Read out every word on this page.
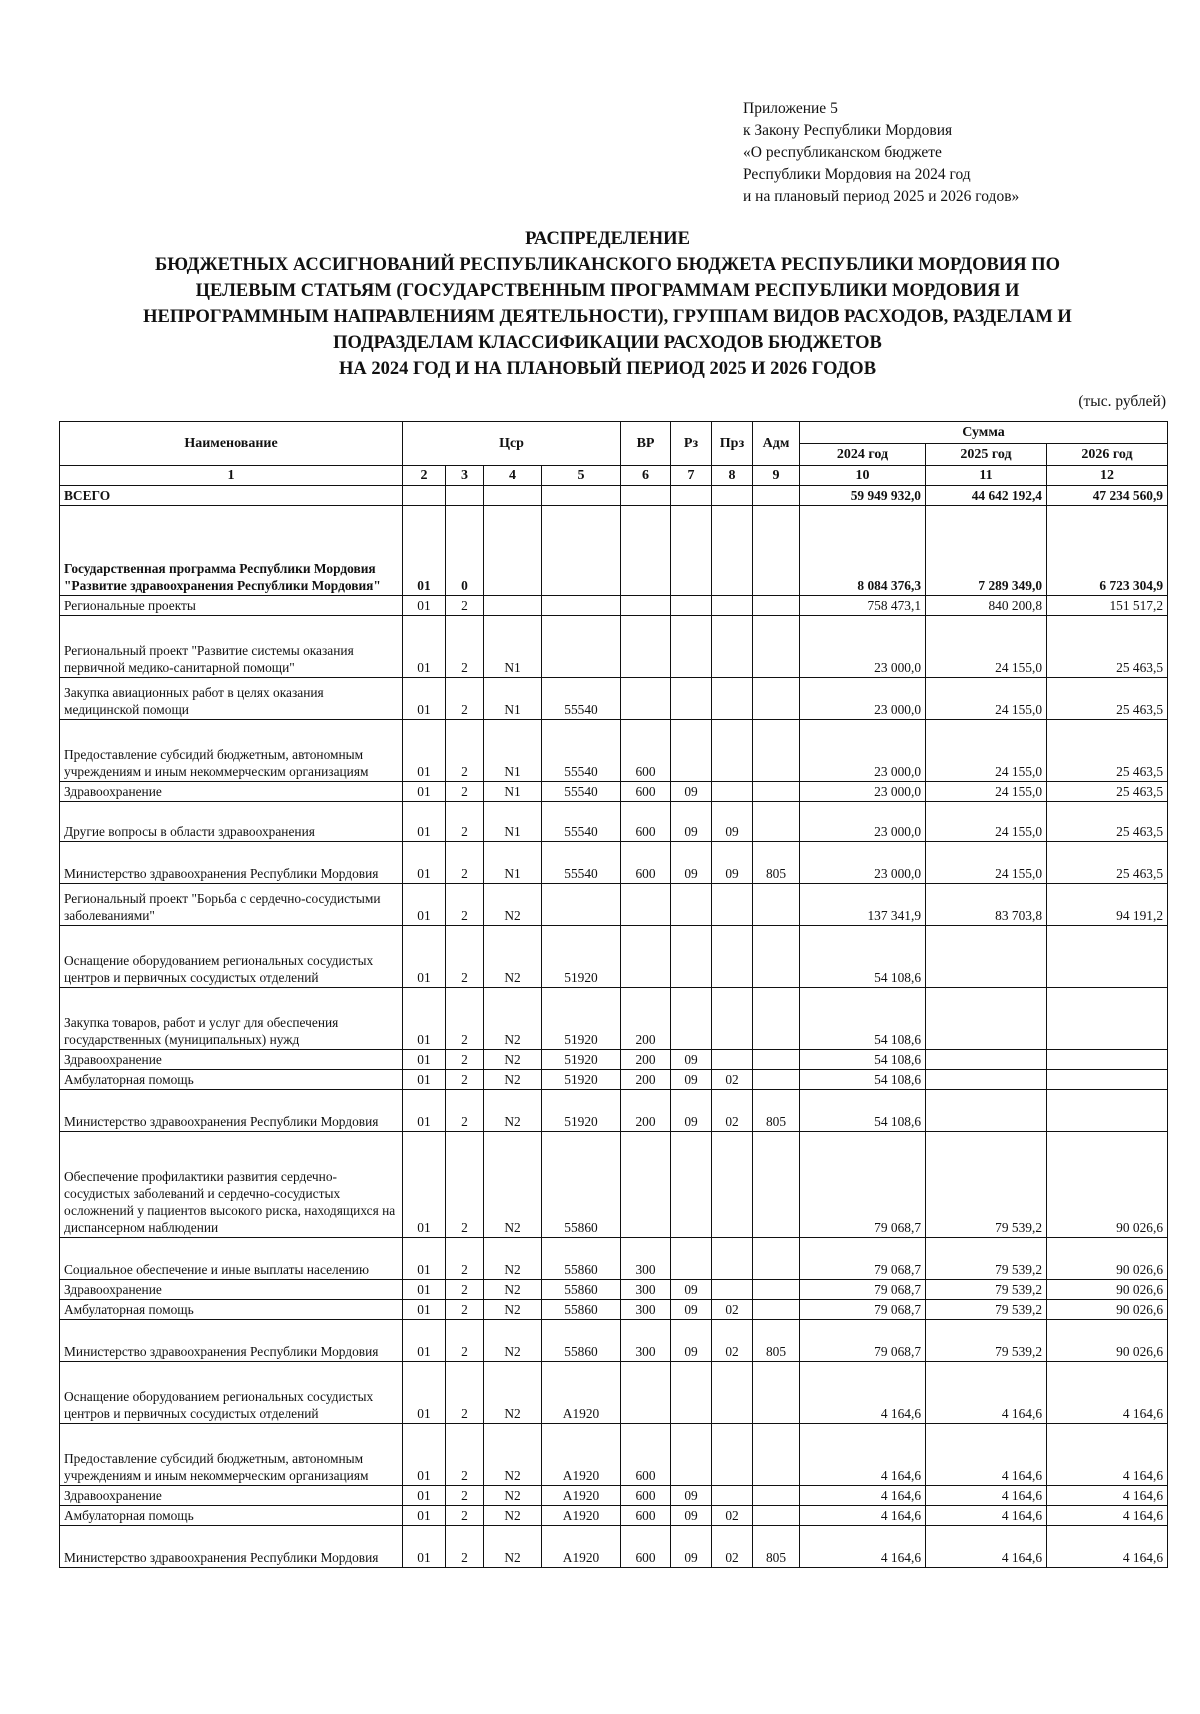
Приложение 5
к Закону Республики Мордовия
«О республиканском бюджете
Республики Мордовия на 2024 год
и на плановый период 2025 и 2026 годов»
РАСПРЕДЕЛЕНИЕ
БЮДЖЕТНЫХ АССИГНОВАНИЙ РЕСПУБЛИКАНСКОГО БЮДЖЕТА РЕСПУБЛИКИ МОРДОВИЯ ПО
ЦЕЛЕВЫМ СТАТЬЯМ (ГОСУДАРСТВЕННЫМ ПРОГРАММАМ РЕСПУБЛИКИ МОРДОВИЯ И
НЕПРОГРАММНЫМ НАПРАВЛЕНИЯМ ДЕЯТЕЛЬНОСТИ), ГРУППАМ ВИДОВ РАСХОДОВ, РАЗДЕЛАМ И
ПОДРАЗДЕЛАМ КЛАССИФИКАЦИИ РАСХОДОВ БЮДЖЕТОВ
НА 2024 ГОД И НА ПЛАНОВЫЙ ПЕРИОД 2025 И 2026 ГОДОВ
(тыс. рублей)
Наименование	Цср				ВР	Рз	Прз	Адм	Сумма		
									2024 год	2025 год	2026 год
1	2	3	4	5	6	7	8	9	10	11	12
ВСЕГО									59 949 932,0	44 642 192,4	47 234 560,9
Государственная программа Республики Мордовия "Развитие здравоохранения Республики Мордовия"	01	0							8 084 376,3	7 289 349,0	6 723 304,9
Региональные проекты	01	2							758 473,1	840 200,8	151 517,2
Региональный проект "Развитие системы оказания первичной медико-санитарной помощи"	01	2	N1						23 000,0	24 155,0	25 463,5
Закупка авиационных работ в целях оказания медицинской помощи	01	2	N1	55540					23 000,0	24 155,0	25 463,5
Предоставление субсидий бюджетным, автономным учреждениям и иным некоммерческим организациям	01	2	N1	55540	600				23 000,0	24 155,0	25 463,5
Здравоохранение	01	2	N1	55540	600	09			23 000,0	24 155,0	25 463,5
Другие вопросы в области здравоохранения	01	2	N1	55540	600	09	09		23 000,0	24 155,0	25 463,5
Министерство здравоохранения Республики Мордовия	01	2	N1	55540	600	09	09	805	23 000,0	24 155,0	25 463,5
Региональный проект "Борьба с сердечно-сосудистыми заболеваниями"	01	2	N2						137 341,9	83 703,8	94 191,2
Оснащение оборудованием региональных сосудистых центров и первичных сосудистых отделений	01	2	N2	51920					54 108,6		
Закупка товаров, работ и услуг для обеспечения государственных (муниципальных) нужд	01	2	N2	51920	200				54 108,6		
Здравоохранение	01	2	N2	51920	200	09			54 108,6		
Амбулаторная помощь	01	2	N2	51920	200	09	02		54 108,6		
Министерство здравоохранения Республики Мордовия	01	2	N2	51920	200	09	02	805	54 108,6		
Обеспечение профилактики развития сердечно-сосудистых заболеваний и сердечно-сосудистых осложнений у пациентов высокого риска, находящихся на диспансерном наблюдении	01	2	N2	55860					79 068,7	79 539,2	90 026,6
Социальное обеспечение и иные выплаты населению	01	2	N2	55860	300				79 068,7	79 539,2	90 026,6
Здравоохранение	01	2	N2	55860	300	09			79 068,7	79 539,2	90 026,6
Амбулаторная помощь	01	2	N2	55860	300	09	02		79 068,7	79 539,2	90 026,6
Министерство здравоохранения Республики Мордовия	01	2	N2	55860	300	09	02	805	79 068,7	79 539,2	90 026,6
Оснащение оборудованием региональных сосудистых центров и первичных сосудистых отделений	01	2	N2	A1920					4 164,6	4 164,6	4 164,6
Предоставление субсидий бюджетным, автономным учреждениям и иным некоммерческим организациям	01	2	N2	A1920	600				4 164,6	4 164,6	4 164,6
Здравоохранение	01	2	N2	A1920	600	09			4 164,6	4 164,6	4 164,6
Амбулаторная помощь	01	2	N2	A1920	600	09	02		4 164,6	4 164,6	4 164,6
Министерство здравоохранения Республики Мордовия	01	2	N2	A1920	600	09	02	805	4 164,6	4 164,6	4 164,6
